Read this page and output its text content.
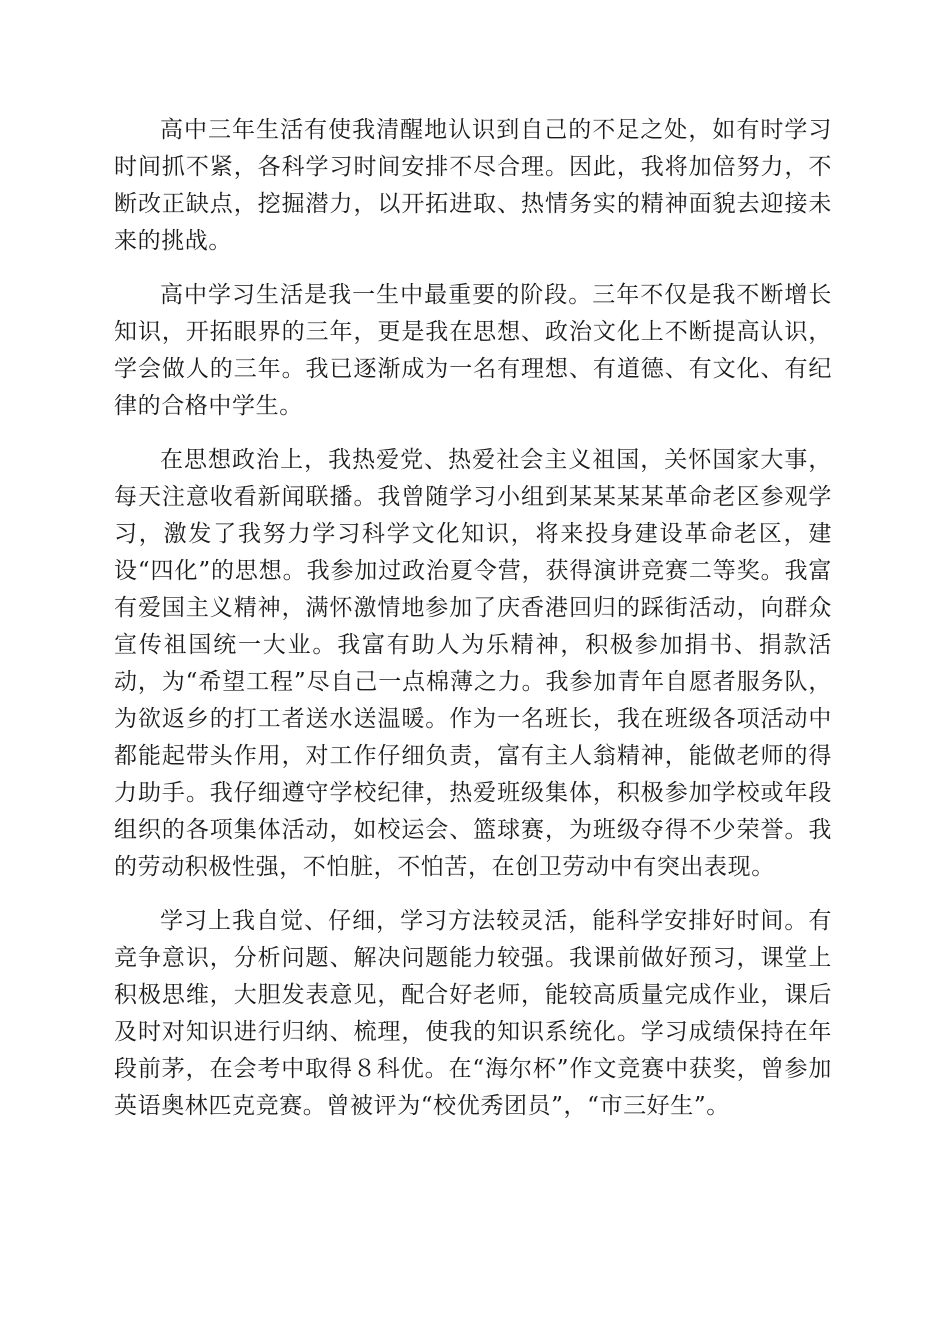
高中三年生活有使我清醒地认识到自己的不足之处，如有时学习时间抓不紧，各科学习时间安排不尽合理。因此，我将加倍努力，不断改正缺点，挖掘潜力，以开拓进取、热情务实的精神面貌去迎接未来的挑战。

高中学习生活是我一生中最重要的阶段。三年不仅是我不断增长知识，开拓眼界的三年，更是我在思想、政治文化上不断提高认识，学会做人的三年。我已逐渐成为一名有理想、有道德、有文化、有纪律的合格中学生。

在思想政治上，我热爱党、热爱社会主义祖国，关怀国家大事，每天注意收看新闻联播。我曾随学习小组到某某某某革命老区参观学习，激发了我努力学习科学文化知识，将来投身建设革命老区，建设“四化”的思想。我参加过政治夏令营，获得演讲竞赛二等奖。我富有爱国主义精神，满怀激情地参加了庆香港回归的踩街活动，向群众宣传祖国统一大业。我富有助人为乐精神，积极参加捐书、捐款活动，为“希望工程”尽自己一点棉薄之力。我参加青年自愿者服务队，为欲返乡的打工者送水送温暖。作为一名班长，我在班级各项活动中都能起带头作用，对工作仔细负责，富有主人翁精神，能做老师的得力助手。我仔细遵守学校纪律，热爱班级集体，积极参加学校或年段组织的各项集体活动，如校运会、篮球赛，为班级夺得不少荣誉。我的劳动积极性强，不怕脏，不怕苦，在创卫劳动中有突出表现。

学习上我自觉、仔细，学习方法较灵活，能科学安排好时间。有竞争意识，分析问题、解决问题能力较强。我课前做好预习，课堂上积极思维，大胆发表意见，配合好老师，能较高质量完成作业，课后及时对知识进行归纳、梳理，使我的知识系统化。学习成绩保持在年段前茅，在会考中取得８科优。在“海尔杯”作文竞赛中获奖，曾参加英语奥林匹克竞赛。曾被评为“校优秀团员”，“市三好生”。
